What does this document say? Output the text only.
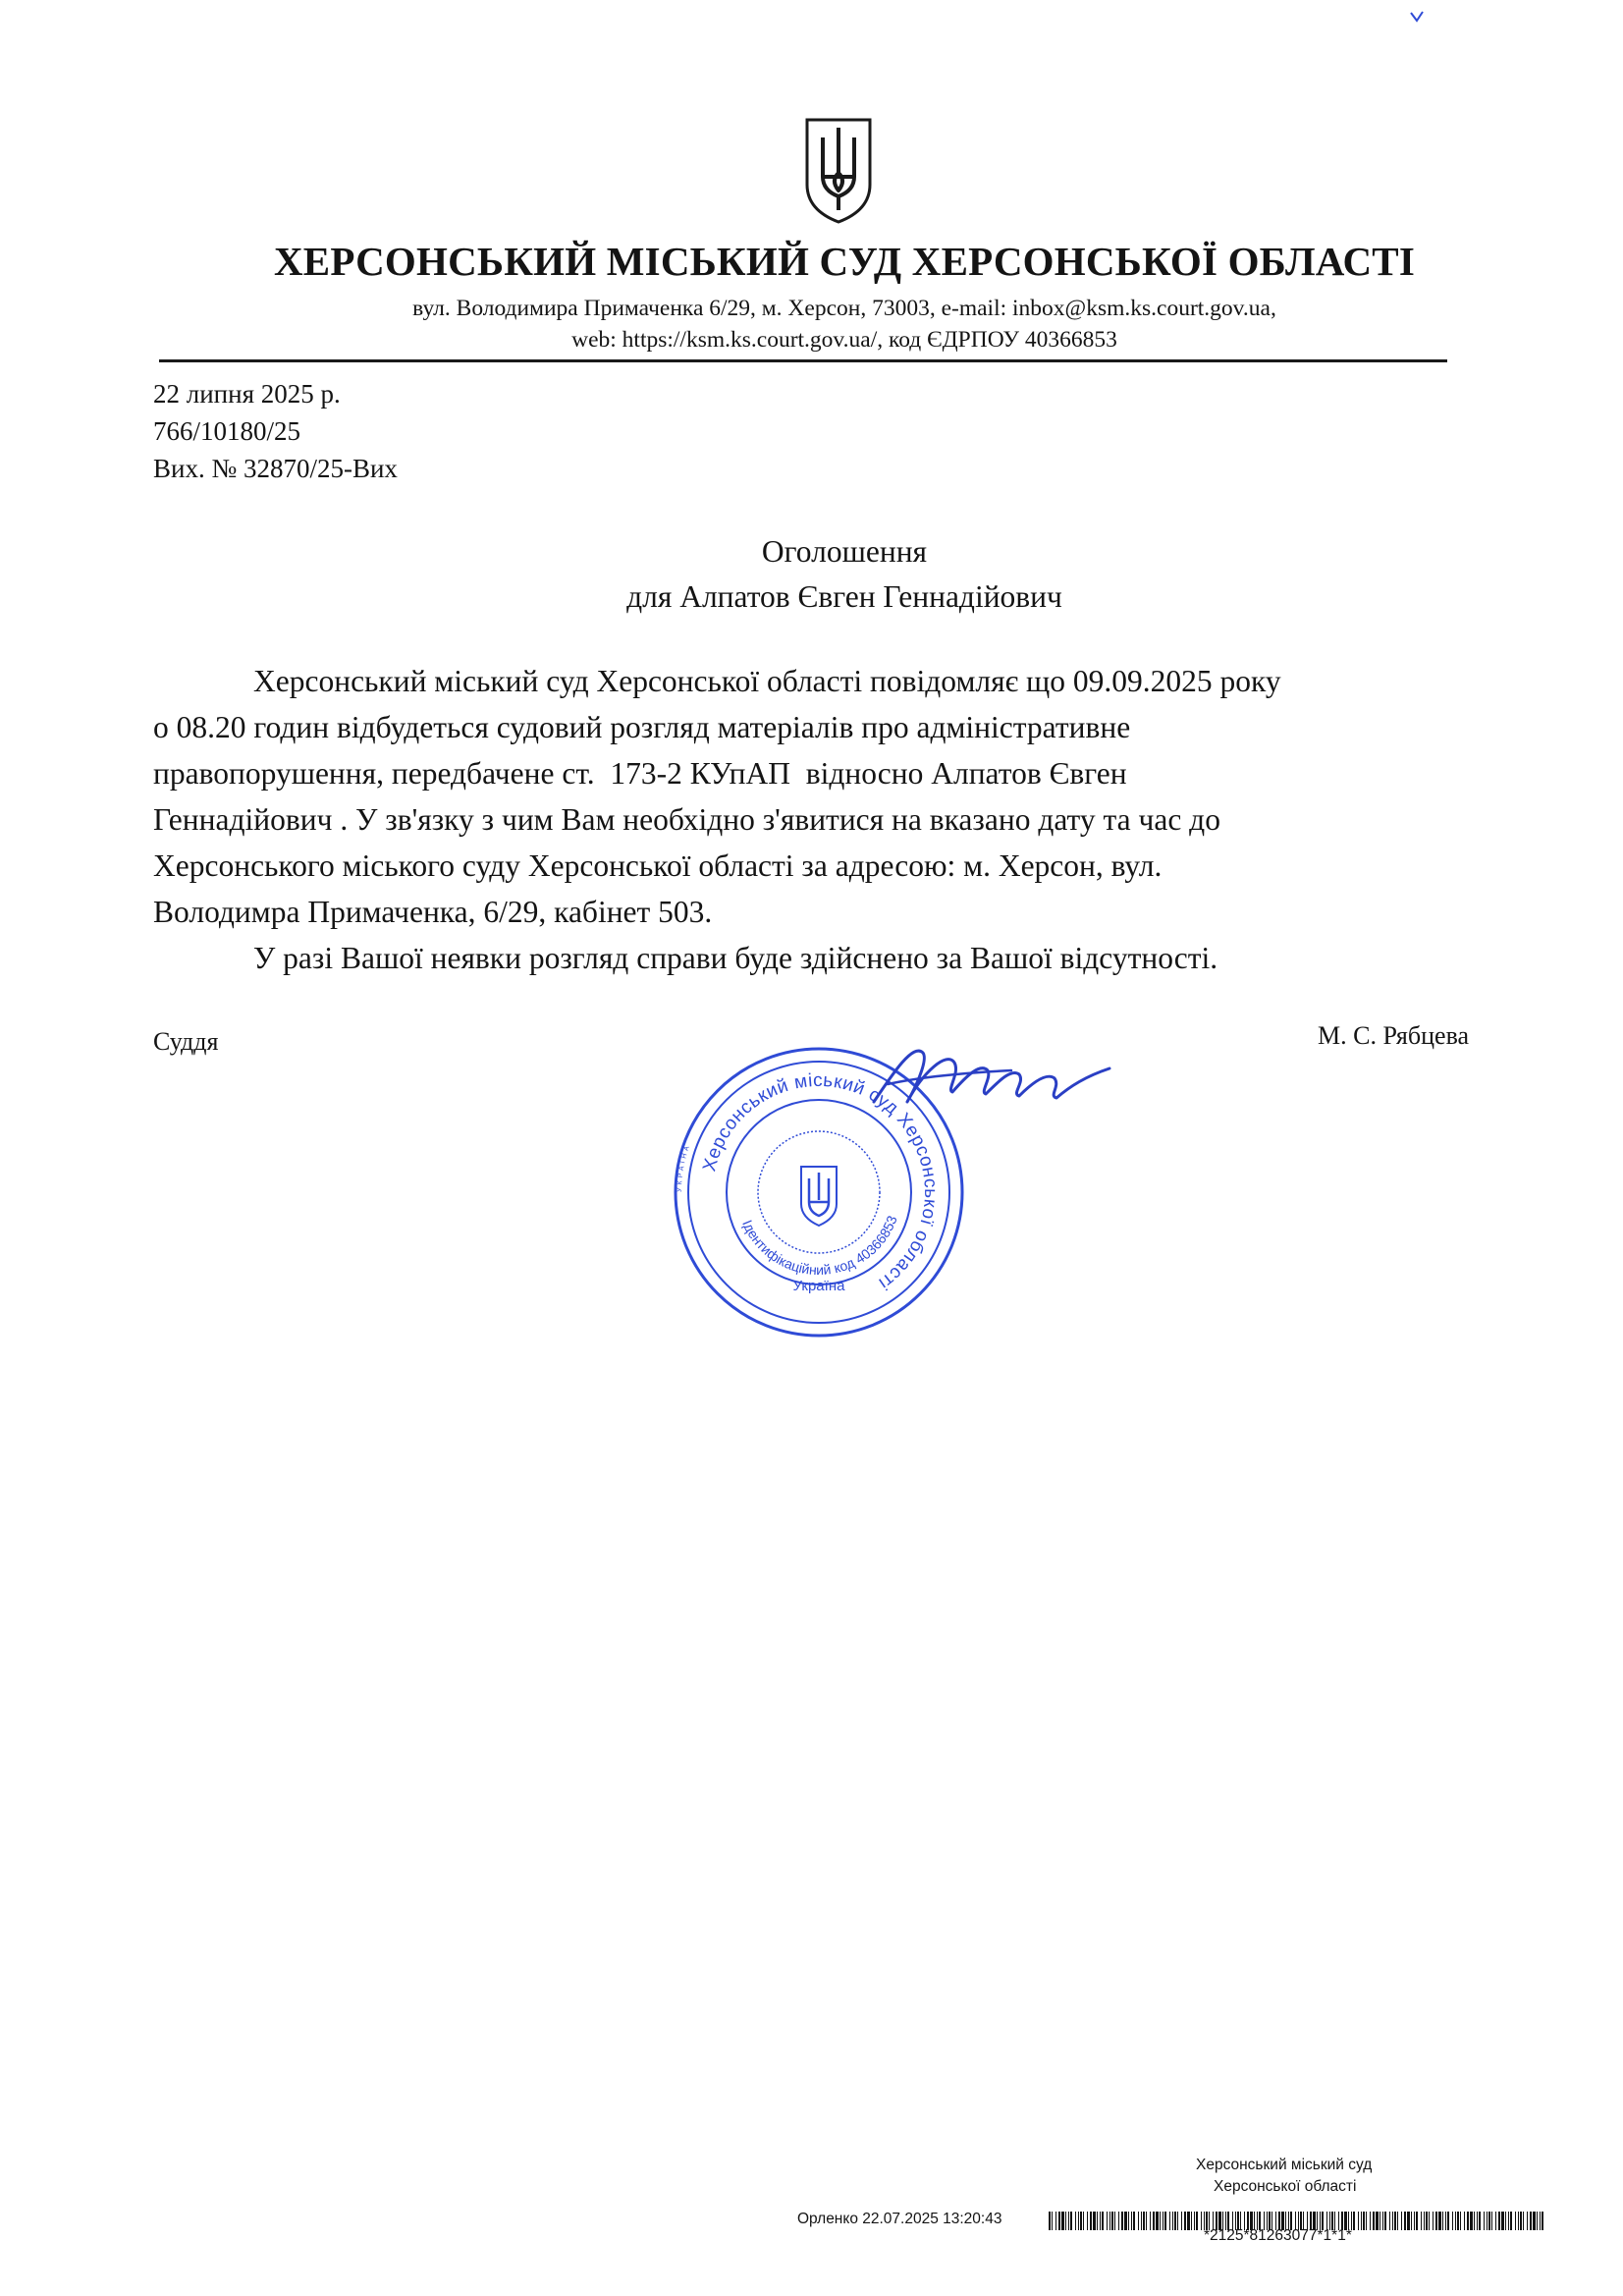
ХЕРСОНСЬКИЙ МІСЬКИЙ СУД ХЕРСОНСЬКОЇ ОБЛАСТІ
вул. Володимира Примаченка 6/29, м. Херсон, 73003, e-mail: inbox@ksm.ks.court.gov.ua,
web: https://ksm.ks.court.gov.ua/, код ЄДРПОУ 40366853
22 липня 2025 р.
766/10180/25
Вих. № 32870/25-Вих
Оголошення
для Алпатов Євген Геннадійович
Херсонський міський суд Херсонської області повідомляє що 09.09.2025 року
о 08.20 годин відбудеться судовий розгляд матеріалів про адміністративне
правопорушення, передбачене ст.  173-2 КУпАП  відносно Алпатов Євген
Геннадійович . У зв'язку з чим Вам необхідно з'явитися на вказано дату та час до
Херсонського міського суду Херсонської області за адресою: м. Херсон, вул.
Володимра Примаченка, 6/29, кабінет 503.
У разі Вашої неявки розгляд справи буде здійснено за Вашої відсутності.
Суддя	М. С. Рябцева
УКРАЇНА
Херсонський міський суд Херсонської області
Ідентифікаційний код 40366853
Україна
Херсонський міський суд
Херсонської області
Орленко 22.07.2025 13:20:43
*2125*81263077*1*1*
